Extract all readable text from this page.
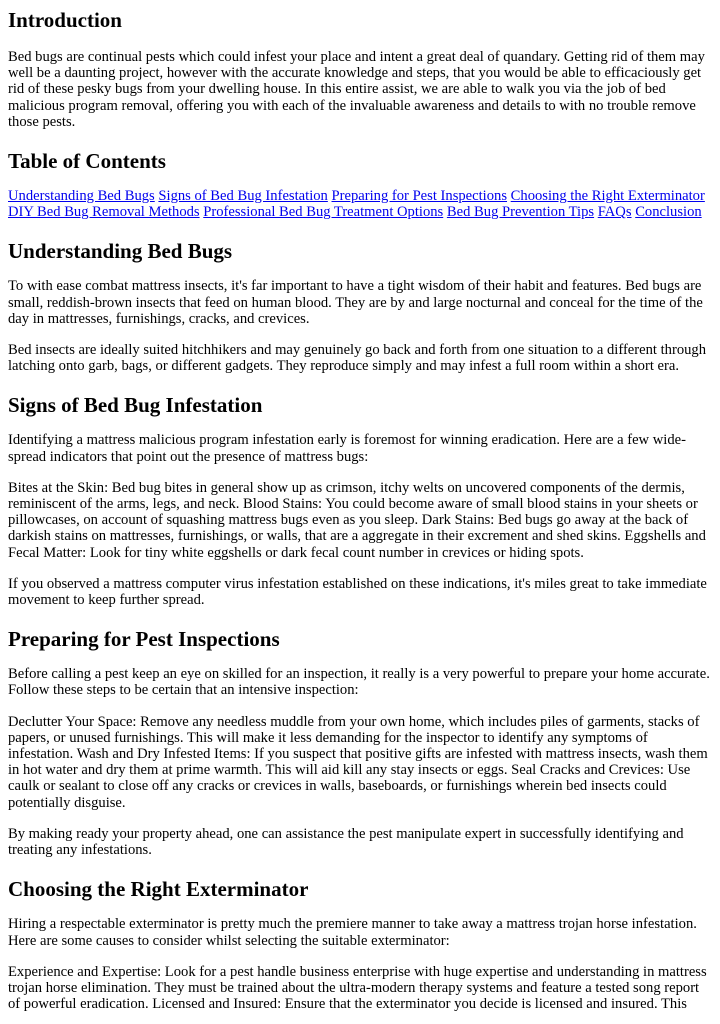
Introduction

Bed bugs are continual pests which could infest your place and intent a great deal of quandary. Getting rid of them may well be a daunting project, however with the accurate knowledge and steps, that you would be able to efficaciously get rid of these pesky bugs from your dwelling house. In this entire assist, we are able to walk you via the job of bed malicious program removal, offering you with each of the invaluable awareness and details to with no trouble remove those pests.

Table of Contents

Understanding Bed Bugs Signs of Bed Bug Infestation Preparing for Pest Inspections Choosing the Right Exterminator DIY Bed Bug Removal Methods Professional Bed Bug Treatment Options Bed Bug Prevention Tips FAQs Conclusion

Understanding Bed Bugs

To with ease combat mattress insects, it's far important to have a tight wisdom of their habit and features. Bed bugs are small, reddish-brown insects that feed on human blood. They are by and large nocturnal and conceal for the time of the day in mattresses, furnishings, cracks, and crevices.

Bed insects are ideally suited hitchhikers and may genuinely go back and forth from one situation to a different through latching onto garb, bags, or different gadgets. They reproduce simply and may infest a full room within a short era.

Signs of Bed Bug Infestation

Identifying a mattress malicious program infestation early is foremost for winning eradication. Here are a few wide-spread indicators that point out the presence of mattress bugs:

Bites at the Skin: Bed bug bites in general show up as crimson, itchy welts on uncovered components of the dermis, reminiscent of the arms, legs, and neck. Blood Stains: You could become aware of small blood stains in your sheets or pillowcases, on account of squashing mattress bugs even as you sleep. Dark Stains: Bed bugs go away at the back of darkish stains on mattresses, furnishings, or walls, that are a aggregate in their excrement and shed skins. Eggshells and Fecal Matter: Look for tiny white eggshells or dark fecal count number in crevices or hiding spots.

If you observed a mattress computer virus infestation established on these indications, it's miles great to take immediate movement to keep further spread.

Preparing for Pest Inspections

Before calling a pest keep an eye on skilled for an inspection, it really is a very powerful to prepare your home accurate. Follow these steps to be certain that an intensive inspection:

Declutter Your Space: Remove any needless muddle from your own home, which includes piles of garments, stacks of papers, or unused furnishings. This will make it less demanding for the inspector to identify any symptoms of infestation. Wash and Dry Infested Items: If you suspect that positive gifts are infested with mattress insects, wash them in hot water and dry them at prime warmth. This will aid kill any stay insects or eggs. Seal Cracks and Crevices: Use caulk or sealant to close off any cracks or crevices in walls, baseboards, or furnishings wherein bed insects could potentially disguise.

By making ready your property ahead, one can assistance the pest manipulate expert in successfully identifying and treating any infestations.

Choosing the Right Exterminator

Hiring a respectable exterminator is pretty much the premiere manner to take away a mattress trojan horse infestation. Here are some causes to consider whilst selecting the suitable exterminator:

Experience and Expertise: Look for a pest handle business enterprise with huge expertise and understanding in mattress trojan horse elimination. They must be trained about the ultra-modern therapy systems and feature a tested song report of powerful eradication. Licensed and Insured: Ensure that the exterminator you decide is licensed and insured. This
